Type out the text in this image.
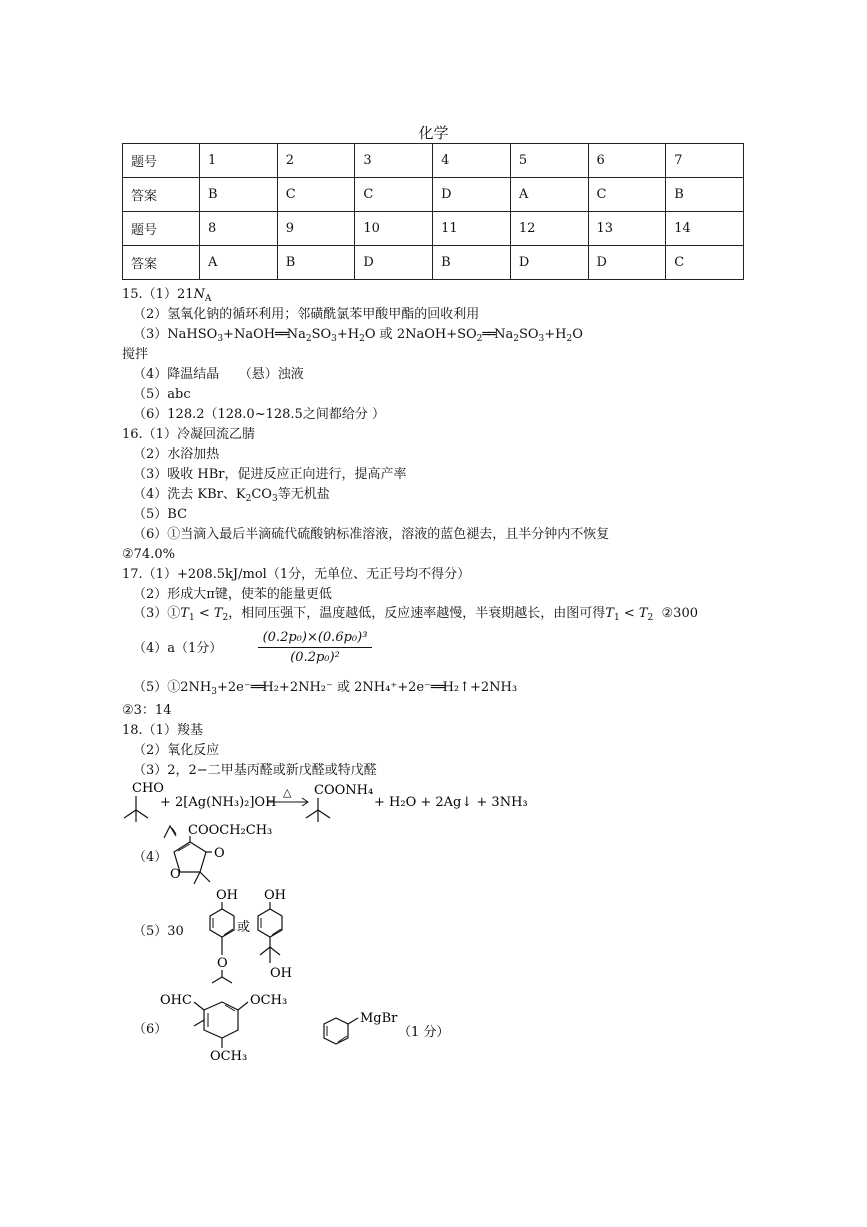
化学
题号	1	2	3	4	5	6	7
答案	B	C	C	D	A	C	B
题号	8	9	10	11	12	13	14
答案	A	B	D	B	D	D	C
$15.(1)21N_A$
（2）氢氧化钠的循环利用；邻磺酰氯苯甲酸甲酯的回收利用
$(3)NaHSO_3+NaOH══Na_2SO_3+H_2O$ 或 $2NaOH+SO_2══Na_2SO_3+H_2O$
搅拌
（4）降温结晶　　（悬）浊液
（5）abc
（6）128.2（128.0~128.5之间都给分 ）
16.（1）冷凝回流乙腈
（2）水浴加热
（3）吸收 HBr，促进反应正向进行，提高产率
（4）洗去 KBr、$K_2CO_3$等无机盐
（5）BC
（6）①当滴入最后半滴硫代硫酸钠标准溶液，溶液的蓝色褪去，且半分钟内不恢复
②74.0%
17.（1）+208.5kJ/mol（1分，无单位、无正号均不得分）
（2）形成大π键，使苯的能量更低
$(3)①T_1 < T_2$，相同压强下，温度越低，反应速率越慢，半衰期越长，由图可得$T_1 < T_2$ ②300
（4）a（1分）	$\frac{\text{(0.2p₀)×(0.6p₀)³}}{\text{(0.2p₀)²}}$
$(5)①2NH_3+2e^-══H_2+2NH_2^-$ 或 2NH₄⁺+2e⁻══H₂↑+2NH₃
②3：14
18.（1）羧基
（2）氧化反应
（3）2，2−二甲基丙醛或新戊醛或特戊醛
CHO
+ 2[Ag(NH₃)₂]OH
△ COONH₄
+ H₂O + 2Ag↓ + 3NH₃
（4）
COOCH₂CH₃
O
O
（5）30
OH
或
O
OH
OH
（6）
OHC	OCH₃
OCH₃
MgBr
（1 分）
